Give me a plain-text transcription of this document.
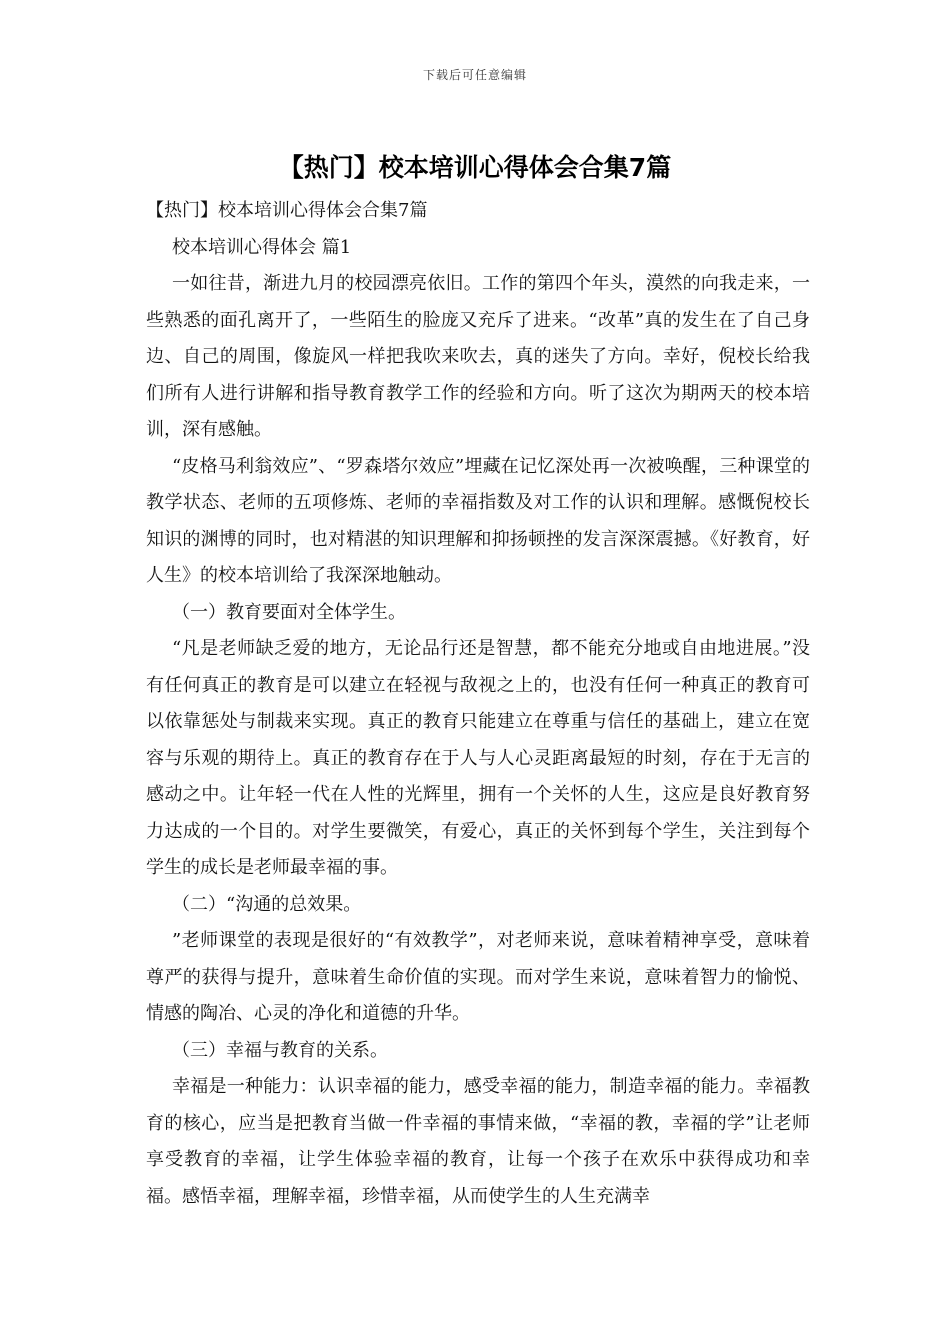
下载后可任意编辑
【热门】校本培训心得体会合集7篇

【热门】校本培训心得体会合集7篇

校本培训心得体会 篇1

一如往昔，渐进九月的校园漂亮依旧。工作的第四个年头，漠然的向我走来，一些熟悉的面孔离开了，一些陌生的脸庞又充斥了进来。“改革”真的发生在了自己身边、自己的周围，像旋风一样把我吹来吹去，真的迷失了方向。幸好，倪校长给我们所有人进行讲解和指导教育教学工作的经验和方向。听了这次为期两天的校本培训，深有感触。

“皮格马利翁效应”、“罗森塔尔效应”埋藏在记忆深处再一次被唤醒，三种课堂的教学状态、老师的五项修炼、老师的幸福指数及对工作的认识和理解。感慨倪校长知识的渊博的同时，也对精湛的知识理解和抑扬顿挫的发言深深震撼。《好教育，好人生》的校本培训给了我深深地触动。

（一）教育要面对全体学生。

“凡是老师缺乏爱的地方，无论品行还是智慧，都不能充分地或自由地进展。”没有任何真正的教育是可以建立在轻视与敌视之上的，也没有任何一种真正的教育可以依靠惩处与制裁来实现。真正的教育只能建立在尊重与信任的基础上，建立在宽容与乐观的期待上。真正的教育存在于人与人心灵距离最短的时刻，存在于无言的感动之中。让年轻一代在人性的光辉里，拥有一个关怀的人生，这应是良好教育努力达成的一个目的。对学生要微笑，有爱心，真正的关怀到每个学生，关注到每个学生的成长是老师最幸福的事。

（二）“沟通的总效果。

”老师课堂的表现是很好的“有效教学”，对老师来说，意味着精神享受，意味着尊严的获得与提升，意味着生命价值的实现。而对学生来说，意味着智力的愉悦、情感的陶冶、心灵的净化和道德的升华。

（三）幸福与教育的关系。

幸福是一种能力：认识幸福的能力，感受幸福的能力，制造幸福的能力。幸福教育的核心，应当是把教育当做一件幸福的事情来做，“幸福的教，幸福的学”让老师享受教育的幸福，让学生体验幸福的教育，让每一个孩子在欢乐中获得成功和幸福。感悟幸福，理解幸福，珍惜幸福，从而使学生的人生充满幸
